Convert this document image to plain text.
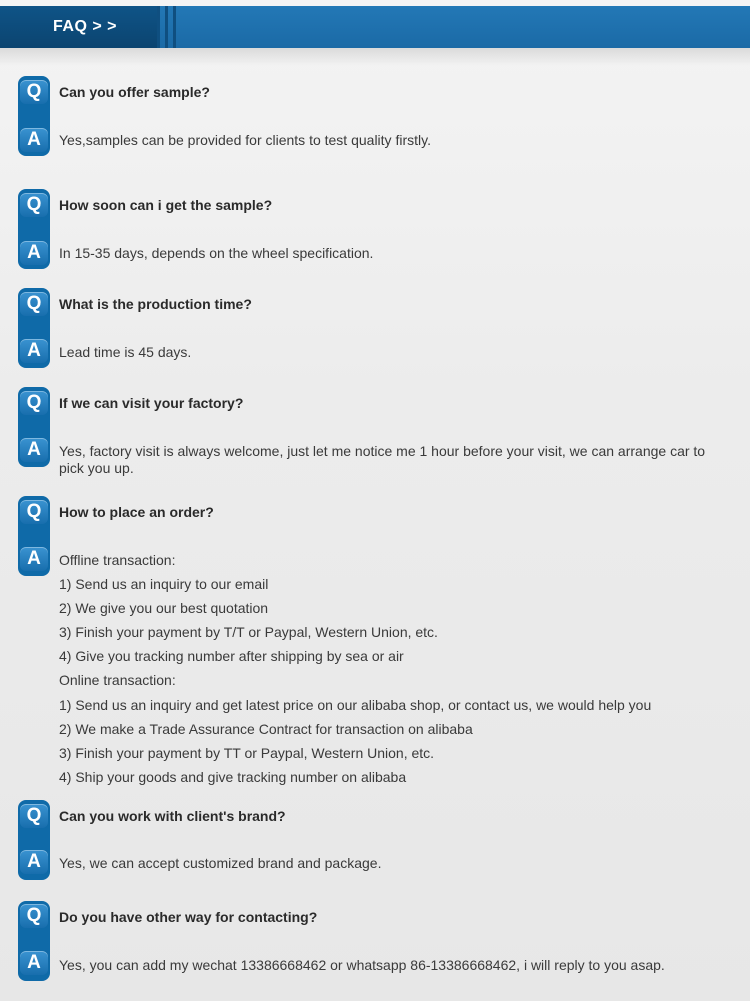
FAQ > >
Q	Can you offer sample?
A	Yes,samples can be provided for clients to test quality firstly.
Q	How soon can i get the sample?
A	In 15-35 days, depends on the wheel specification.
Q	What is the production time?
A	Lead time is 45 days.
Q	If we can visit your factory?
A	Yes, factory visit is always welcome, just let me notice me 1 hour before your visit, we can arrange car to pick you up.
Q	How to place an order?
A	Offline transaction:
1) Send us an inquiry to our email
2) We give you our best quotation
3) Finish your payment by T/T or Paypal, Western Union, etc.
4) Give you tracking number after shipping by sea or air
Online transaction:
1) Send us an inquiry and get latest price on our alibaba shop, or contact us, we would help you
2) We make a Trade Assurance Contract for transaction on alibaba
3) Finish your payment by TT or Paypal, Western Union, etc.
4) Ship your goods and give tracking number on alibaba
Q	Can you work with client's brand?
A	Yes, we can accept customized brand and package.
Q	Do you have other way for contacting?
A	Yes, you can add my wechat 13386668462 or whatsapp 86-13386668462, i will reply to you asap.
